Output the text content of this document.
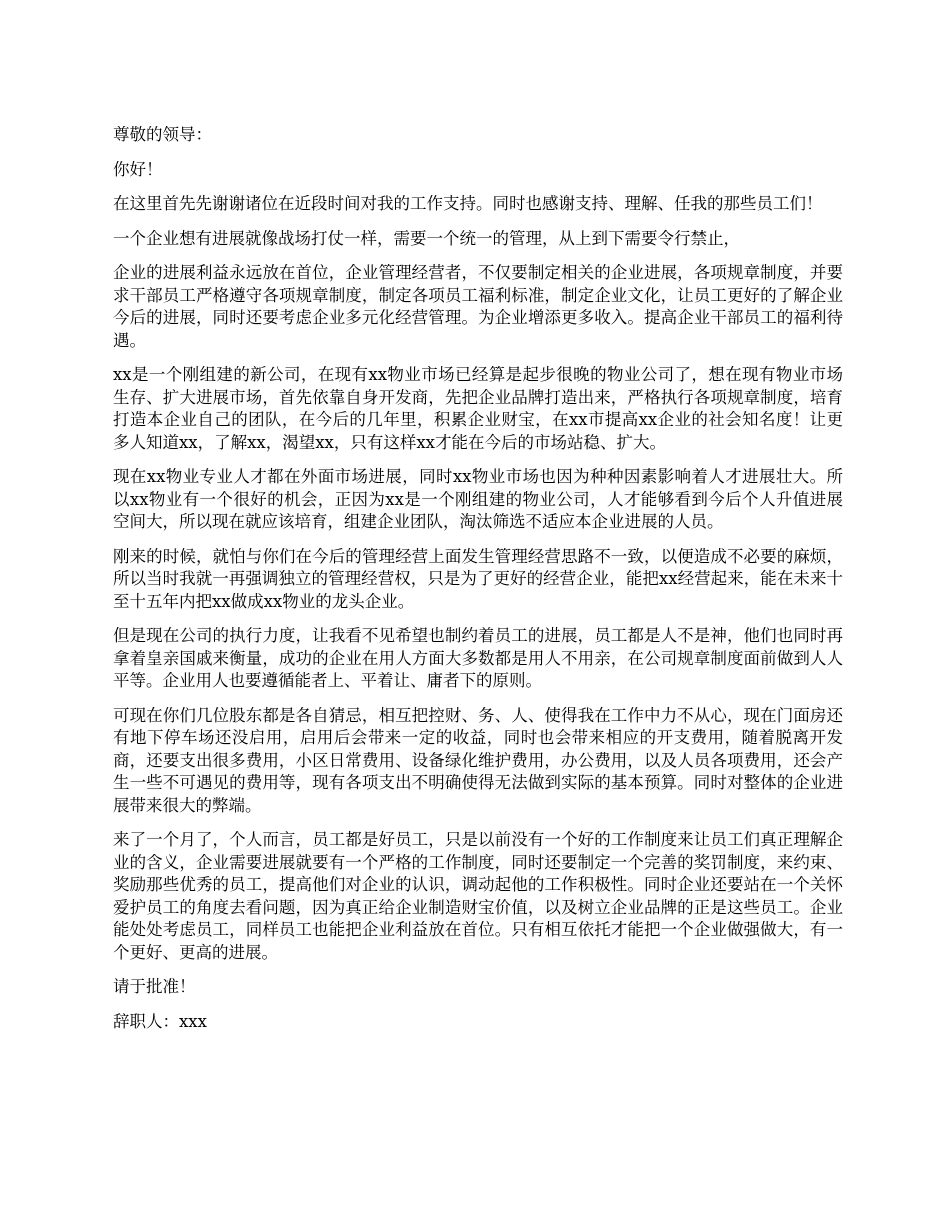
尊敬的领导：

你好！

在这里首先先谢谢诸位在近段时间对我的工作支持。同时也感谢支持、理解、任我的那些员工们！

一个企业想有进展就像战场打仗一样，需要一个统一的管理，从上到下需要令行禁止，

企业的进展利益永远放在首位，企业管理经营者，不仅要制定相关的企业进展，各项规章制度，并要求干部员工严格遵守各项规章制度，制定各项员工福利标准，制定企业文化，让员工更好的了解企业今后的进展，同时还要考虑企业多元化经营管理。为企业增添更多收入。提高企业干部员工的福利待遇。

xx是一个刚组建的新公司，在现有xx物业市场已经算是起步很晚的物业公司了，想在现有物业市场生存、扩大进展市场，首先依靠自身开发商，先把企业品牌打造出来，严格执行各项规章制度，培育打造本企业自己的团队，在今后的几年里，积累企业财宝，在xx市提高xx企业的社会知名度！让更多人知道xx，了解xx，渴望xx，只有这样xx才能在今后的市场站稳、扩大。

现在xx物业专业人才都在外面市场进展，同时xx物业市场也因为种种因素影响着人才进展壮大。所以xx物业有一个很好的机会，正因为xx是一个刚组建的物业公司，人才能够看到今后个人升值进展空间大，所以现在就应该培育，组建企业团队，淘汰筛选不适应本企业进展的人员。

刚来的时候，就怕与你们在今后的管理经营上面发生管理经营思路不一致，以便造成不必要的麻烦，所以当时我就一再强调独立的管理经营权，只是为了更好的经营企业，能把xx经营起来，能在未来十至十五年内把xx做成xx物业的龙头企业。

但是现在公司的执行力度，让我看不见希望也制约着员工的进展，员工都是人不是神，他们也同时再拿着皇亲国戚来衡量，成功的企业在用人方面大多数都是用人不用亲，在公司规章制度面前做到人人平等。企业用人也要遵循能者上、平着让、庸者下的原则。

可现在你们几位股东都是各自猜忌，相互把控财、务、人、使得我在工作中力不从心，现在门面房还有地下停车场还没启用，启用后会带来一定的收益，同时也会带来相应的开支费用，随着脱离开发商，还要支出很多费用，小区日常费用、设备绿化维护费用，办公费用，以及人员各项费用，还会产生一些不可遇见的费用等，现有各项支出不明确使得无法做到实际的基本预算。同时对整体的企业进展带来很大的弊端。

来了一个月了，个人而言，员工都是好员工，只是以前没有一个好的工作制度来让员工们真正理解企业的含义，企业需要进展就要有一个严格的工作制度，同时还要制定一个完善的奖罚制度，来约束、奖励那些优秀的员工，提高他们对企业的认识，调动起他的工作积极性。同时企业还要站在一个关怀爱护员工的角度去看问题，因为真正给企业制造财宝价值，以及树立企业品牌的正是这些员工。企业能处处考虑员工，同样员工也能把企业利益放在首位。只有相互依托才能把一个企业做强做大，有一个更好、更高的进展。

请于批准！

辞职人：xxx
